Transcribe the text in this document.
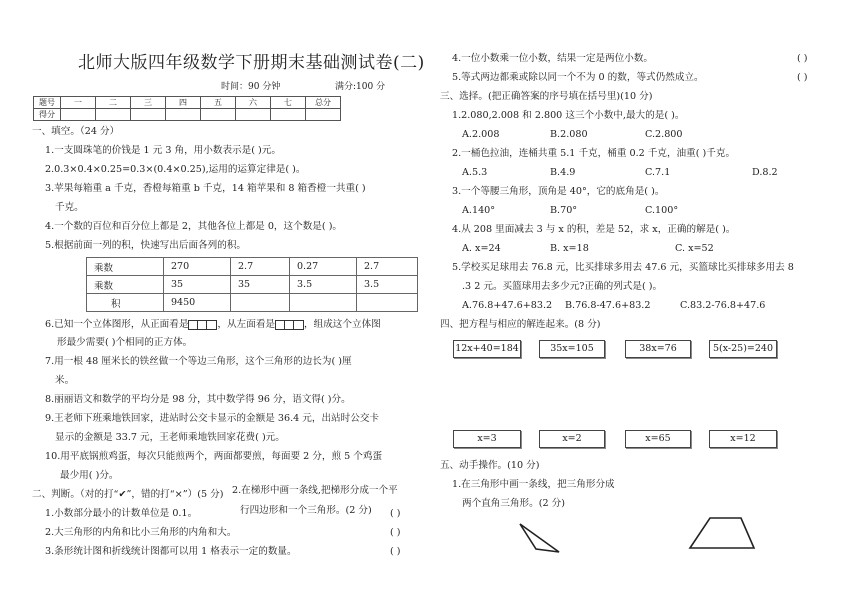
北师大版四年级数学下册期末基础测试卷(二)
时间：90 分钟	满分:100 分
题号	一	二	三	四	五	六	七	总分
得分								
一、填空。（24 分）
1.一支圆珠笔的价钱是 1 元 3 角，用小数表示是( )元。
2.0.3×0.4×0.25=0.3×(0.4×0.25),运用的运算定律是( )。
3.苹果每箱重 a 千克，香橙每箱重 b 千克，14 箱苹果和 8 箱香橙一共重( )
千克。
4.一个数的百位和百分位上都是 2，其他各位上都是 0，这个数是( )。
5.根据前面一列的积，快速写出后面各列的积。
乘数	270	2.7	0.27	2.7
乘数	35	35	3.5	3.5
积	9450			
6.已知一个立体图形，从正面看是	，从左面看是	，组成这个立体图
形最少需要( )个相同的正方体。
7.用一根 48 厘米长的铁丝做一个等边三角形，这个三角形的边长为( )厘
米。
8.丽丽语文和数学的平均分是 98 分，其中数学得 96 分，语文得( )分。
9.王老师下班乘地铁回家，进站时公交卡显示的金额是 36.4 元，出站时公交卡
显示的金额是 33.7 元，王老师乘地铁回家花费( )元。
10.用平底锅煎鸡蛋，每次只能煎两个，两面都要煎，每面要 2 分，煎 5 个鸡蛋
最少用( )分。
二、判断。（对的打“✔”，错的打“×”）(5 分)
1.小数部分最小的计数单位是 0.1。	( )
2.大三角形的内角和比小三角形的内角和大。	( )
3.条形统计图和折线统计图都可以用 1 格表示一定的数量。	( )
2.在梯形中画一条线,把梯形分成一个平
行四边形和一个三角形。(2 分)
4.一位小数乘一位小数，结果一定是两位小数。	( )
5.等式两边都乘或除以同一个不为 0 的数，等式仍然成立。	( )
三、选择。(把正确答案的序号填在括号里)(10 分)
1.2.080,2.008 和 2.800 这三个小数中,最大的是( )。
A.2.008	B.2.080	C.2.800
2.一桶色拉油，连桶共重 5.1 千克，桶重 0.2 千克，油重( )千克。
A.5.3	B.4.9	C.7.1	D.8.2
3.一个等腰三角形，顶角是 40°，它的底角是( )。
A.140°	B.70°	C.100°
4.从 208 里面减去 3 与 x 的积，差是 52，求 x，正确的解是( )。
A. x=24	B. x=18	C. x=52
5.学校买足球用去 76.8 元，比买排球多用去 47.6 元，买篮球比买排球多用去 8
.3 2 元。买篮球用去多少元?正确的列式是( )。
A.76.8+47.6+83.2 B.76.8-47.6+83.2	C.83.2-76.8+47.6
四、把方程与相应的解连起来。(8 分)
12x+40=184	35x=105	38x=76	5(x-25)=240
x=3	x=2	x=65	x=12
五、动手操作。(10 分)
1.在三角形中画一条线，把三角形分成
两个直角三角形。(2 分)
